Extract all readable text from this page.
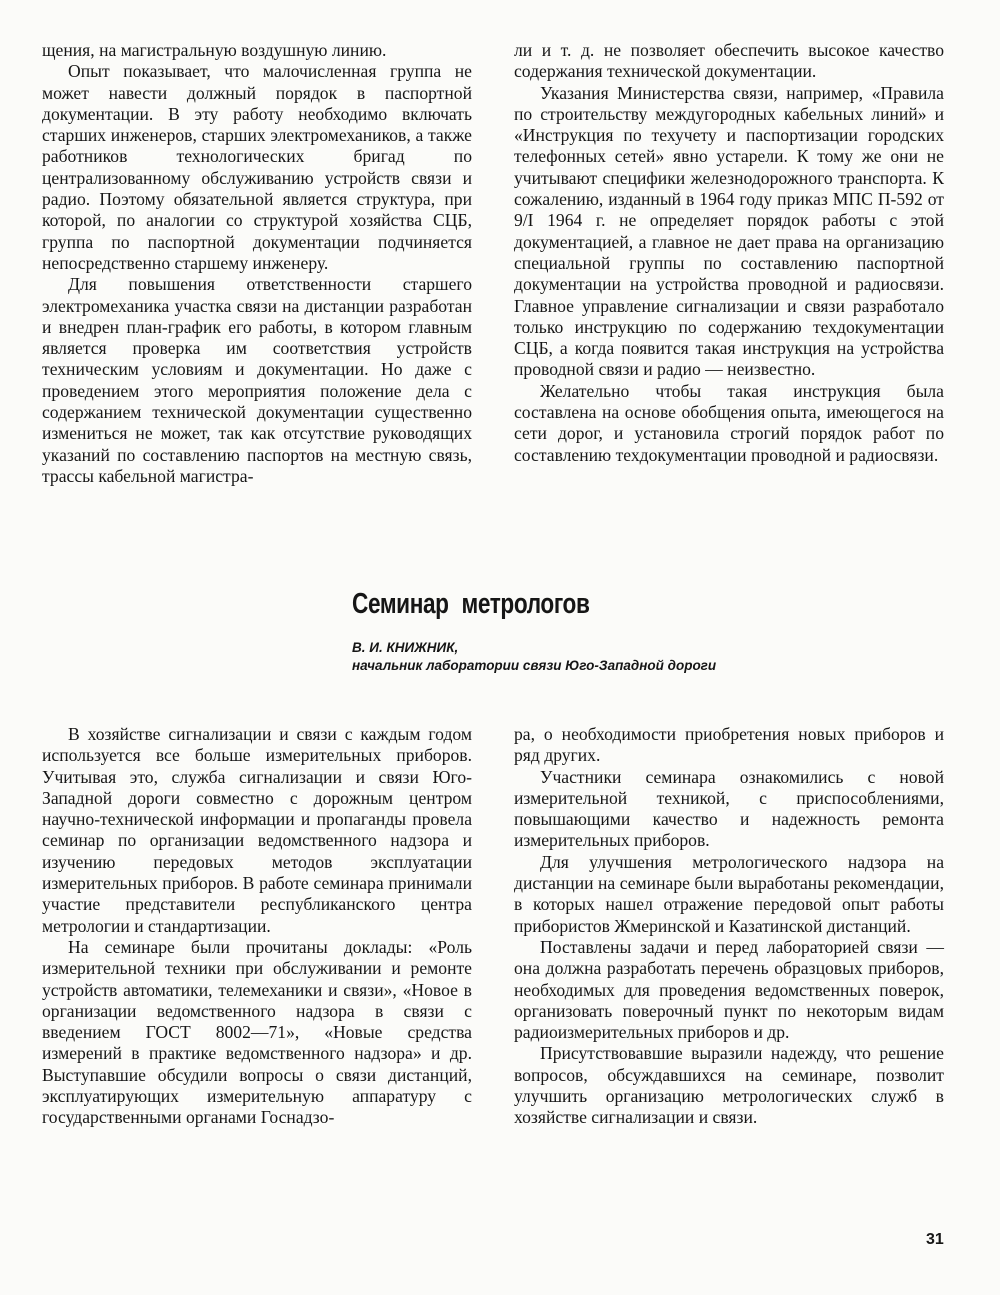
щения, на магистральную воздушную линию.

Опыт показывает, что малочисленная группа не может навести должный порядок в паспортной документации. В эту работу необходимо включать старших инженеров, старших электромехаников, а также работников технологических бригад по централизованному обслуживанию устройств связи и радио. Поэтому обязательной является структура, при которой, по аналогии со структурой хозяйства СЦБ, группа по паспортной документации подчиняется непосредственно старшему инженеру.

Для повышения ответственности старшего электромеханика участка связи на дистанции разработан и внедрен план-график его работы, в котором главным является проверка им соответствия устройств техническим условиям и документации. Но даже с проведением этого мероприятия положение дела с содержанием технической документации существенно измениться не может, так как отсутствие руководящих указаний по составлению паспортов на местную связь, трассы кабельной магистра-

ли и т. д. не позволяет обеспечить высокое качество содержания технической документации.

Указания Министерства связи, например, «Правила по строительству междугородных кабельных линий» и «Инструкция по техучету и паспортизации городских телефонных сетей» явно устарели. К тому же они не учитывают специфики железнодорожного транспорта. К сожалению, изданный в 1964 году приказ МПС П-592 от 9/I 1964 г. не определяет порядок работы с этой документацией, а главное не дает права на организацию специальной группы по составлению паспортной документации на устройства проводной и радиосвязи. Главное управление сигнализации и связи разработало только инструкцию по содержанию техдокументации СЦБ, а когда появится такая инструкция на устройства проводной связи и радио — неизвестно.

Желательно чтобы такая инструкция была составлена на основе обобщения опыта, имеющегося на сети дорог, и установила строгий порядок работ по составлению техдокументации проводной и радиосвязи.

Семинар метрологов
В. И. КНИЖНИК,
начальник лаборатории связи Юго-Западной дороги

В хозяйстве сигнализации и связи с каждым годом используется все больше измерительных приборов. Учитывая это, служба сигнализации и связи Юго-Западной дороги совместно с дорожным центром научно-технической информации и пропаганды провела семинар по организации ведомственного надзора и изучению передовых методов эксплуатации измерительных приборов. В работе семинара принимали участие представители республиканского центра метрологии и стандартизации.

На семинаре были прочитаны доклады: «Роль измерительной техники при обслуживании и ремонте устройств автоматики, телемеханики и связи», «Новое в организации ведомственного надзора в связи с введением ГОСТ 8002—71», «Новые средства измерений в практике ведомственного надзора» и др. Выступавшие обсудили вопросы о связи дистанций, эксплуатирующих измерительную аппаратуру с государственными органами Госнадзо-

ра, о необходимости приобретения новых приборов и ряд других.

Участники семинара ознакомились с новой измерительной техникой, с приспособлениями, повышающими качество и надежность ремонта измерительных приборов.

Для улучшения метрологического надзора на дистанции на семинаре были выработаны рекомендации, в которых нашел отражение передовой опыт работы прибористов Жмеринской и Казатинской дистанций.

Поставлены задачи и перед лабораторией связи — она должна разработать перечень образцовых приборов, необходимых для проведения ведомственных поверок, организовать поверочный пункт по некоторым видам радиоизмерительных приборов и др.

Присутствовавшие выразили надежду, что решение вопросов, обсуждавшихся на семинаре, позволит улучшить организацию метрологических служб в хозяйстве сигнализации и связи.

31
